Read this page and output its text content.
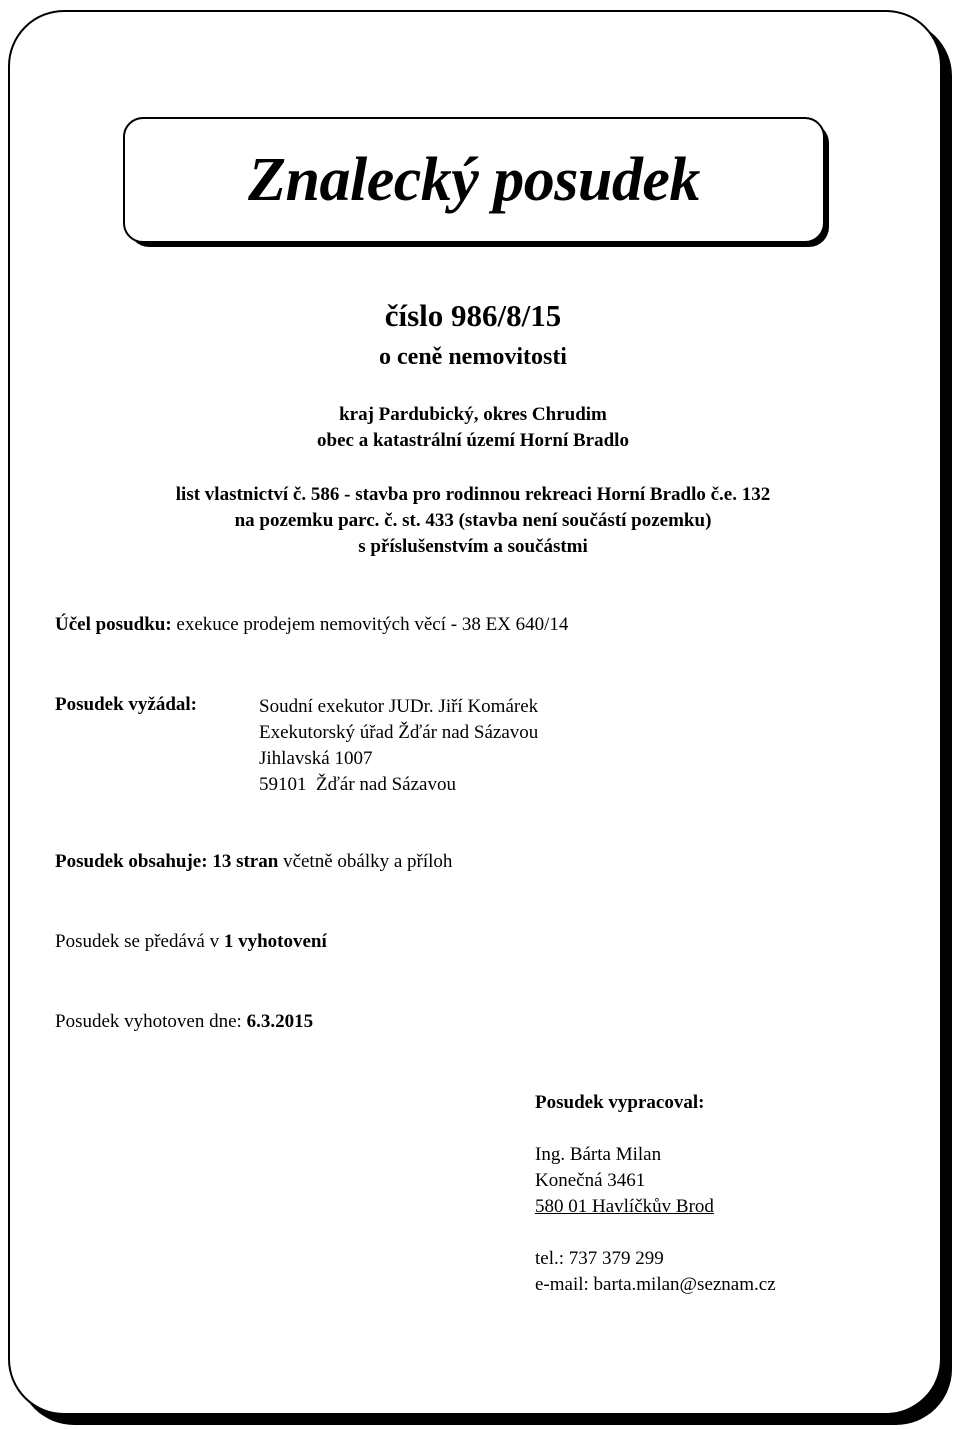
Znalecký posudek
číslo 986/8/15
o ceně nemovitosti
kraj Pardubický, okres Chrudim
obec a katastrální území Horní Bradlo
list vlastnictví č. 586 - stavba pro rodinnou rekreaci Horní Bradlo č.e. 132
na pozemku parc. č. st. 433 (stavba není součástí pozemku)
s příslušenstvím a součástmi
Účel posudku: exekuce prodejem nemovitých věcí - 38 EX 640/14
Posudek vyžádal:	Soudní exekutor JUDr. Jiří Komárek
Exekutorský úřad Žďár nad Sázavou
Jihlavská 1007
59101  Žďár nad Sázavou
Posudek obsahuje: 13 stran včetně obálky a příloh
Posudek se předává v 1 vyhotovení
Posudek vyhotoven dne: 6.3.2015
Posudek vypracoval:
Ing. Bárta Milan
Konečná 3461
580 01 Havlíčkův Brod
tel.: 737 379 299
e-mail: barta.milan@seznam.cz
